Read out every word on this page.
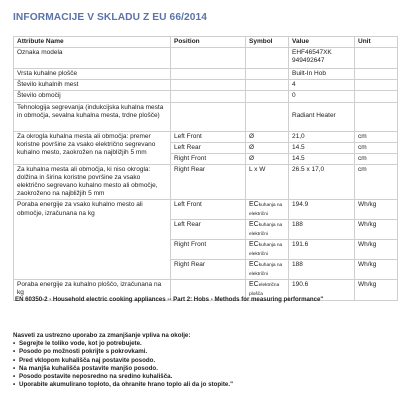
INFORMACIJE V SKLADU Z EU 66/2014
Attribute Name	Position	Symbol	Value	Unit
Oznaka modela			EHF46547XK 949492647	
Vrsta kuhalne plošče			Built-In Hob	
Število kuhalnih mest			4	
Število območij			0	
Tehnologija segrevanja (indukcijska kuhalna mesta in območja, sevalna kuhalna mesta, trdne plošče)			Radiant Heater	
Za okrogla kuhalna mesta ali območja: premer koristne površine za vsako električno segrevano kuhalno mesto, zaokrožen na najbližjih 5 mm	Left Front	Ø	21,0	cm
	Left Rear	Ø	14.5	cm
	Right Front	Ø	14.5	cm
Za kuhalna mesta ali območja, ki niso okrogla: dolžina in širina koristne površine za vsako električno segrevano kuhalno mesto ali območje, zaokroženo na najbližjih 5 mm	Right Rear	L x W	26.5 x 17,0	cm
Poraba energije za vsako kuhalno mesto ali območje, izračunana na kg	Left Front	ECkuhanja na električni	194.9	Wh/kg
	Left Rear	ECkuhanja na električni	188	Wh/kg
	Right Front	ECkuhanja na električni	191.6	Wh/kg
	Right Rear	ECkuhanja na električni	188	Wh/kg
Poraba energije za kuhalno ploščo, izračunana na kg		ECelektrična plošča	190.6	Wh/kg
EN 60350-2 - Household electric cooking appliances -- Part 2: Hobs - Methods for measuring performance"
Nasveti za ustrezno uporabo za zmanjšanje vpliva na okolje:
• Segrejte le toliko vode, kot jo potrebujete.
• Posodo po možnosti pokrijte s pokrovkami.
• Pred vklopom kuhališča naj postavite posodo.
• Na manjša kuhališča postavite manjšo posodo.
• Posodo postavite neposredno na sredino kuhališča.
• Uporabite akumulirano toploto, da ohranite hrano toplo ali da jo stopite."
